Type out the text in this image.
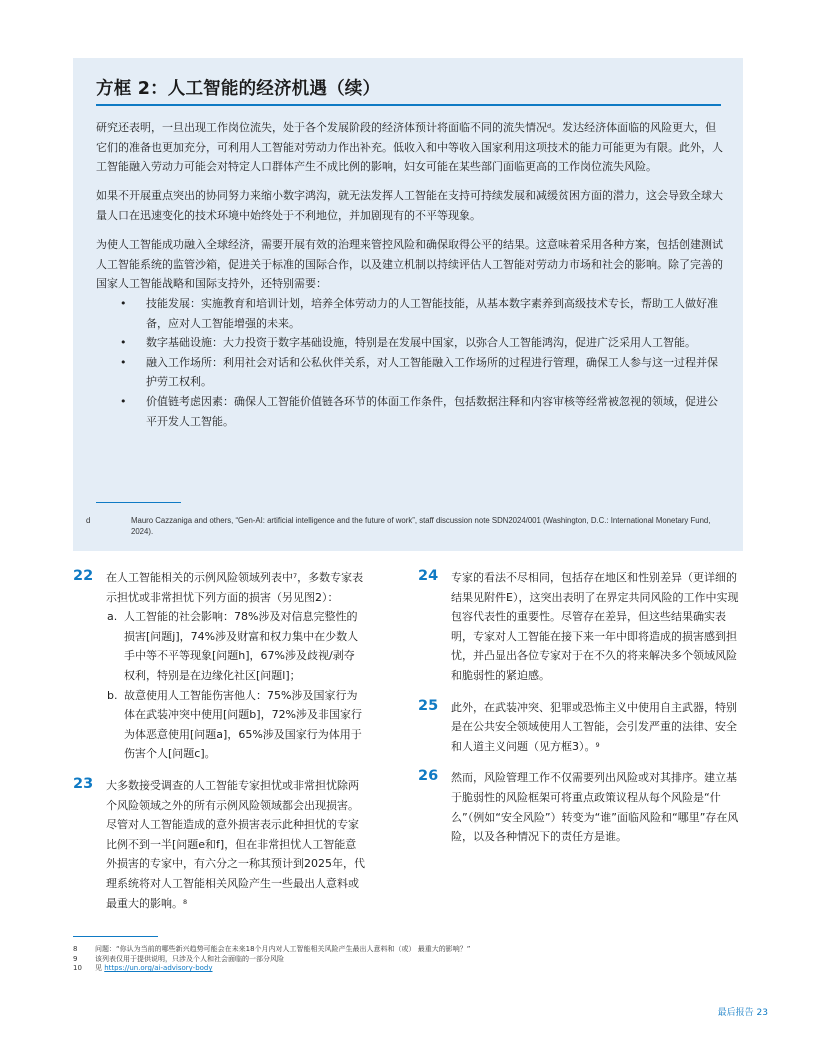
方框 2：人工智能的经济机遇（续）

研究还表明，一旦出现工作岗位流失，处于各个发展阶段的经济体预计将面临不同的流失情况$^d$。发达经济体面临的风险更大，但它们的准备也更加充分，可利用人工智能对劳动力作出补充。低收入和中等收入国家利用这项技术的能力可能更为有限。此外，人工智能融入劳动力可能会对特定人口群体产生不成比例的影响，妇女可能在某些部门面临更高的工作岗位流失风险。

如果不开展重点突出的协同努力来缩小数字鸿沟，就无法发挥人工智能在支持可持续发展和减缓贫困方面的潜力，这会导致全球大量人口在迅速变化的技术环境中始终处于不利地位，并加剧现有的不平等现象。

为使人工智能成功融入全球经济，需要开展有效的治理来管控风险和确保取得公平的结果。这意味着采用各种方案，包括创建测试人工智能系统的监管沙箱，促进关于标准的国际合作，以及建立机制以持续评估人工智能对劳动力市场和社会的影响。除了完善的国家人工智能战略和国际支持外，还特别需要：

• 技能发展：实施教育和培训计划，培养全体劳动力的人工智能技能，从基本数字素养到高级技术专长，帮助工人做好准备，应对人工智能增强的未来。
• 数字基础设施：大力投资于数字基础设施，特别是在发展中国家，以弥合人工智能鸿沟，促进广泛采用人工智能。
• 融入工作场所：利用社会对话和公私伙伴关系，对人工智能融入工作场所的过程进行管理，确保工人参与这一过程并保护劳工权利。
• 价值链考虑因素：确保人工智能价值链各环节的体面工作条件，包括数据注释和内容审核等经常被忽视的领域，促进公平开发人工智能。
d	Mauro Cazzaniga and others, “Gen-AI: artificial intelligence and the future of work”, staff discussion note SDN2024/001 (Washington, D.C.: International Monetary Fund, 2024).
22 在人工智能相关的示例风险领域列表中$^7$，多数专家表示担忧或非常担忧下列方面的损害（另见图2）：
a. 人工智能的社会影响：78%涉及对信息完整性的损害[问题j]，74%涉及财富和权力集中在少数人手中等不平等现象[问题h]，67%涉及歧视/剥夺权利，特别是在边缘化社区[问题l]；
b. 故意使用人工智能伤害他人：75%涉及国家行为体在武装冲突中使用[问题b]，72%涉及非国家行为体恶意使用[问题a]，65%涉及国家行为体用于伤害个人[问题c]。
23 大多数接受调查的人工智能专家担忧或非常担忧除两个风险领域之外的所有示例风险领域都会出现损害。尽管对人工智能造成的意外损害表示此种担忧的专家比例不到一半[问题e和f]，但在非常担忧人工智能意外损害的专家中，有六分之一称其预计到2025年，代理系统将对人工智能相关风险产生一些最出人意料或最重大的影响。$^8$
24 专家的看法不尽相同，包括存在地区和性别差异（更详细的结果见附件E），这突出表明了在界定共同风险的工作中实现包容代表性的重要性。尽管存在差异，但这些结果确实表明，专家对人工智能在接下来一年中即将造成的损害感到担忧，并凸显出各位专家对于在不久的将来解决多个领域风险和脆弱性的紧迫感。
25 此外，在武装冲突、犯罪或恐怖主义中使用自主武器，特别是在公共安全领域使用人工智能，会引发严重的法律、安全和人道主义问题（见方框3）。$^9$
26 然而，风险管理工作不仅需要列出风险或对其排序。建立基于脆弱性的风险框架可将重点政策议程从每个风险是“什么”（例如“安全风险”）转变为“谁”面临风险和“哪里”存在风险，以及各种情况下的责任方是谁。
8	问题：“你认为当前的哪些新兴趋势可能会在未来18个月内对人工智能相关风险产生最出人意料和（或） 最重大的影响？”
9	该列表仅用于提供说明，只涉及个人和社会面临的一部分风险
10 见 https://un.org/ai-advisory-body
最后报告 23
